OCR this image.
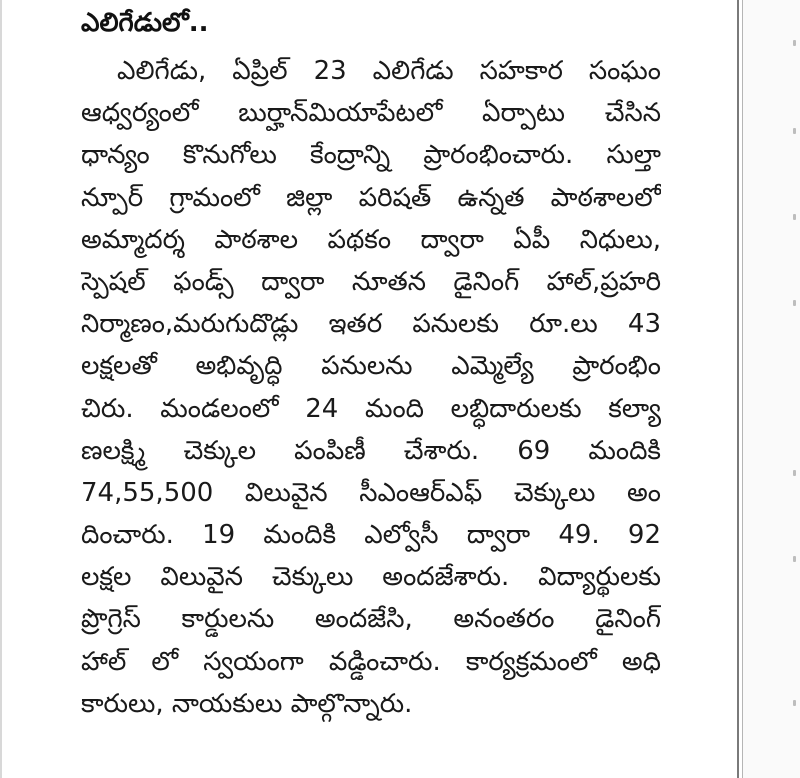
ఎలిగేడులో..
ఎలిగేడు, ఏప్రిల్ 23 ఎలిగేడు సహకార సంఘం
ఆధ్వర్యంలో బుర్హాన్‌మియాపేటలో ఏర్పాటు చేసిన
ధాన్యం కొనుగోలు కేంద్రాన్ని ప్రారంభించారు. సుల్తా
న్పూర్ గ్రామంలో జిల్లా పరిషత్ ఉన్నత పాఠశాలలో
అమ్మాదర్శ పాఠశాల పథకం ద్వారా ఏపీ నిధులు,
స్పెషల్ ఫండ్స్ ద్వారా నూతన డైనింగ్ హాల్,ప్రహరి
నిర్మాణం,మరుగుదొడ్లు ఇతర పనులకు రూ.లు 43
లక్షలతో అభివృద్ధి పనులను ఎమ్మెల్యే ప్రారంభిం
చిరు. మండలంలో 24 మంది లబ్ధిదారులకు కల్యా
ణలక్ష్మి చెక్కుల పంపిణీ చేశారు. 69 మందికి
74,55,500 విలువైన సీఎంఆర్ఎఫ్ చెక్కులు అం
దించారు. 19 మందికి ఎల్వోసీ ద్వారా 49. 92
లక్షల విలువైన చెక్కులు అందజేశారు. విద్యార్థులకు
ప్రొగ్రెస్ కార్డులను అందజేసి, అనంతరం డైనింగ్
హాల్ లో స్వయంగా వడ్డించారు. కార్యక్రమంలో అధి
కారులు, నాయకులు పాల్గొన్నారు.
